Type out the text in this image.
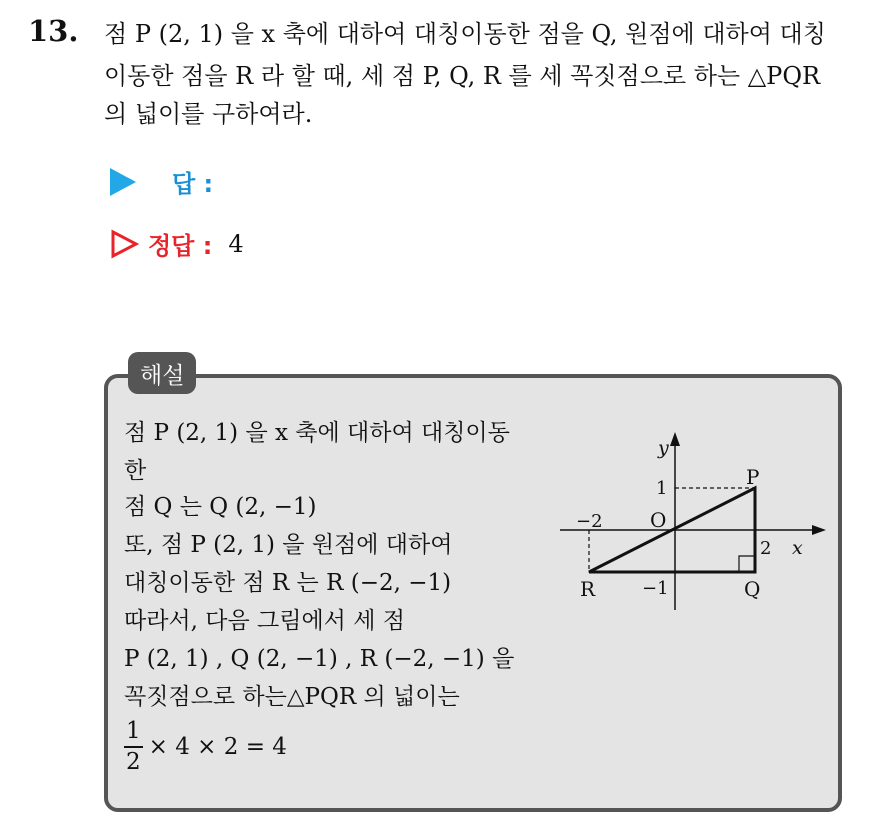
13. 점 P (2, 1) 을 x 축에 대하여 대칭이동한 점을 Q, 원점에 대하여 대칭
이동한 점을 R 라 할 때, 세 점 P, Q, R 를 세 꼭짓점으로 하는 △PQR
의 넓이를 구하여라.
답 :
정답 : 4
해설
점 P (2, 1) 을 x 축에 대하여 대칭이동
한
점 Q 는 Q (2, −1)
또, 점 P (2, 1) 을 원점에 대하여
대칭이동한 점 R 는 R (−2, −1)
따라서, 다음 그림에서 세 점
P (2, 1) , Q (2, −1) , R (−2, −1) 을
꼭짓점으로 하는△PQR 의 넓이는
$\frac{1}{2} \times 4 \times 2 = 4$
y
x
O
P
Q
R
1
2
−2
−1
